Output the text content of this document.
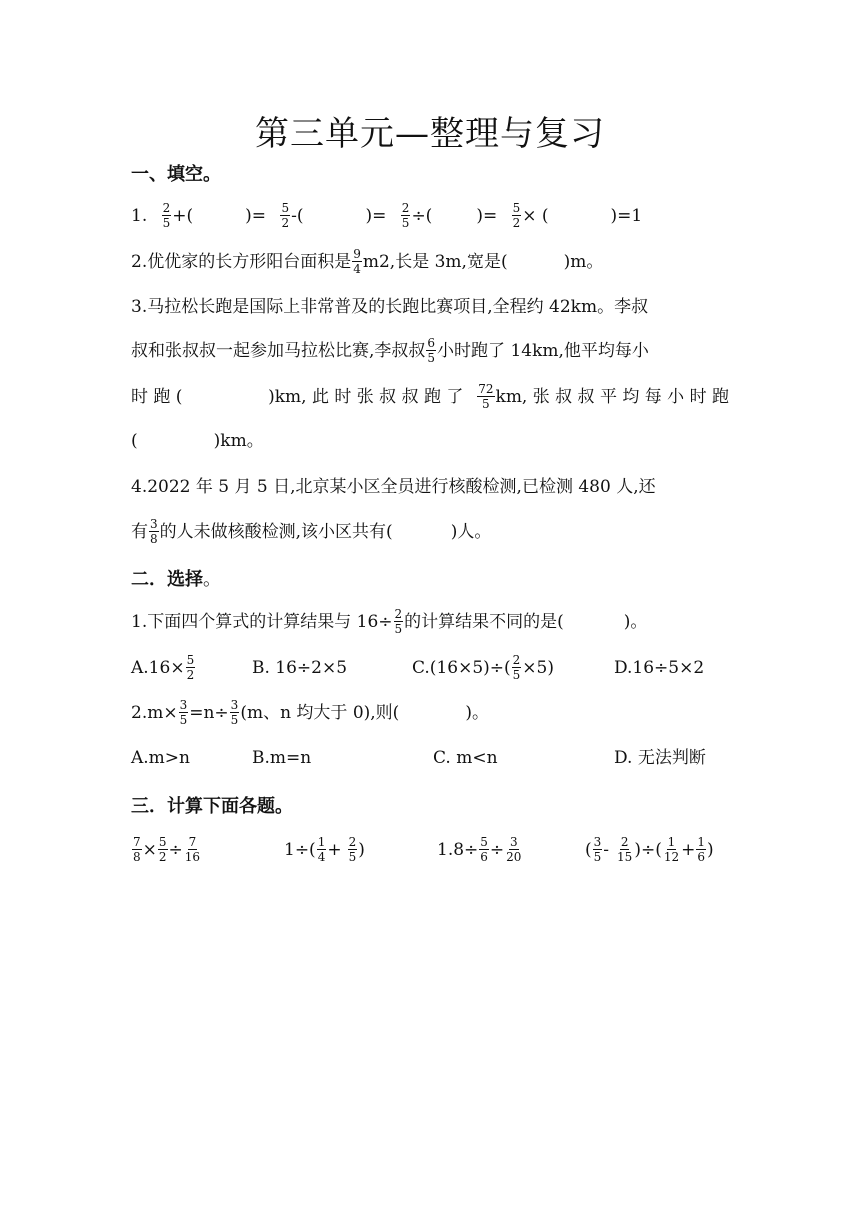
第三单元—整理与复习
一、填空。
1. $\frac{2}{5}$ +(	)= $\frac{5}{2}$ -(	)= $\frac{2}{5}$ ÷(	)= $\frac{5}{2}$ × (	)=1
2.优优家的长方形阳台面积是 $\frac{9}{4} m2$,长是 3m,宽是(	)m。
3.马拉松长跑是国际上非常普及的长跑比赛项目,全程约 42km。李叔
叔和张叔叔一起参加马拉松比赛,李叔叔 $\frac{6}{5}$ 小时跑了 14km,他平均每小
时 跑 (	)km, 此 时 张 叔 叔 跑 了 $\frac{72}{5}$ km, 张 叔 叔 平 均 每 小 时 跑
(	)km。
4.2022 年 5 月 5 日,北京某小区全员进行核酸检测,已检测 480 人,还
有 $\frac{3}{8}$ 的人未做核酸检测,该小区共有(	)人。
二．选择。
1.下面四个算式的计算结果与 $16\div \frac{2}{5}$ 的计算结果不同的是(	)。
$A.16\times \frac{5}{2}$	B. 16÷2×5	$C.(16\times 5)\div( \frac{2}{5} \times 5)$	D.16÷5×2
$2.m\times \frac{3}{5} =n\div \frac{3}{5} (m$、n 均大于 0),则(	)。
A.m>n	B.m=n	C. m<n	D. 无法判断
三．计算下面各题。
$\frac{7}{8} \times \frac{5}{2} \div \frac{7}{16}$	$1\div( \frac{1}{4} + \frac{2}{5}$ )	$1.8\div \frac{5}{6} \div \frac{3}{20}$	( $\frac{3}{5} - \frac{2}{15}$ )÷( $\frac{1}{12} + \frac{1}{6}$ )
